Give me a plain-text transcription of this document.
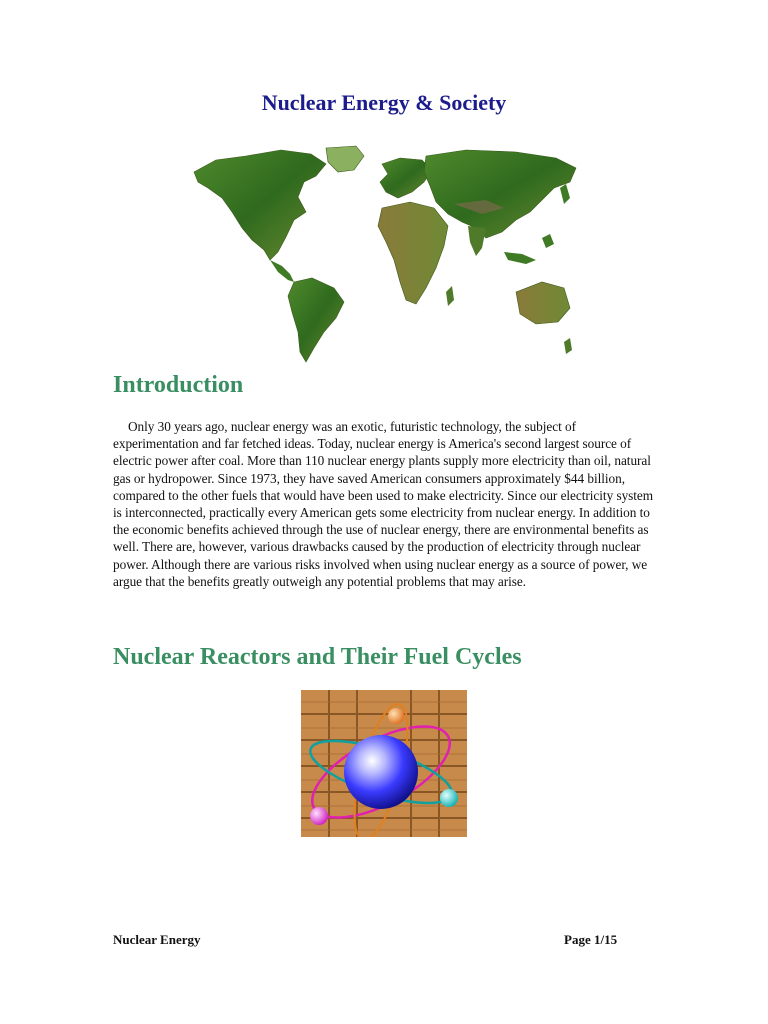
Nuclear Energy & Society
Introduction

Only 30 years ago, nuclear energy was an exotic, futuristic technology, the subject of experimentation and far fetched ideas. Today, nuclear energy is America's second largest source of electric power after coal. More than 110 nuclear energy plants supply more electricity than oil, natural gas or hydropower. Since 1973, they have saved American consumers approximately $44 billion, compared to the other fuels that would have been used to make electricity. Since our electricity system is interconnected, practically every American gets some electricity from nuclear energy. In addition to the economic benefits achieved through the use of nuclear energy, there are environmental benefits as well. There are, however, various drawbacks caused by the production of electricity through nuclear power. Although there are various risks involved when using nuclear energy as a source of power, we argue that the benefits greatly outweigh any potential problems that may arise.

Nuclear Reactors and Their Fuel Cycles
Nuclear Energy	Page 1/15
